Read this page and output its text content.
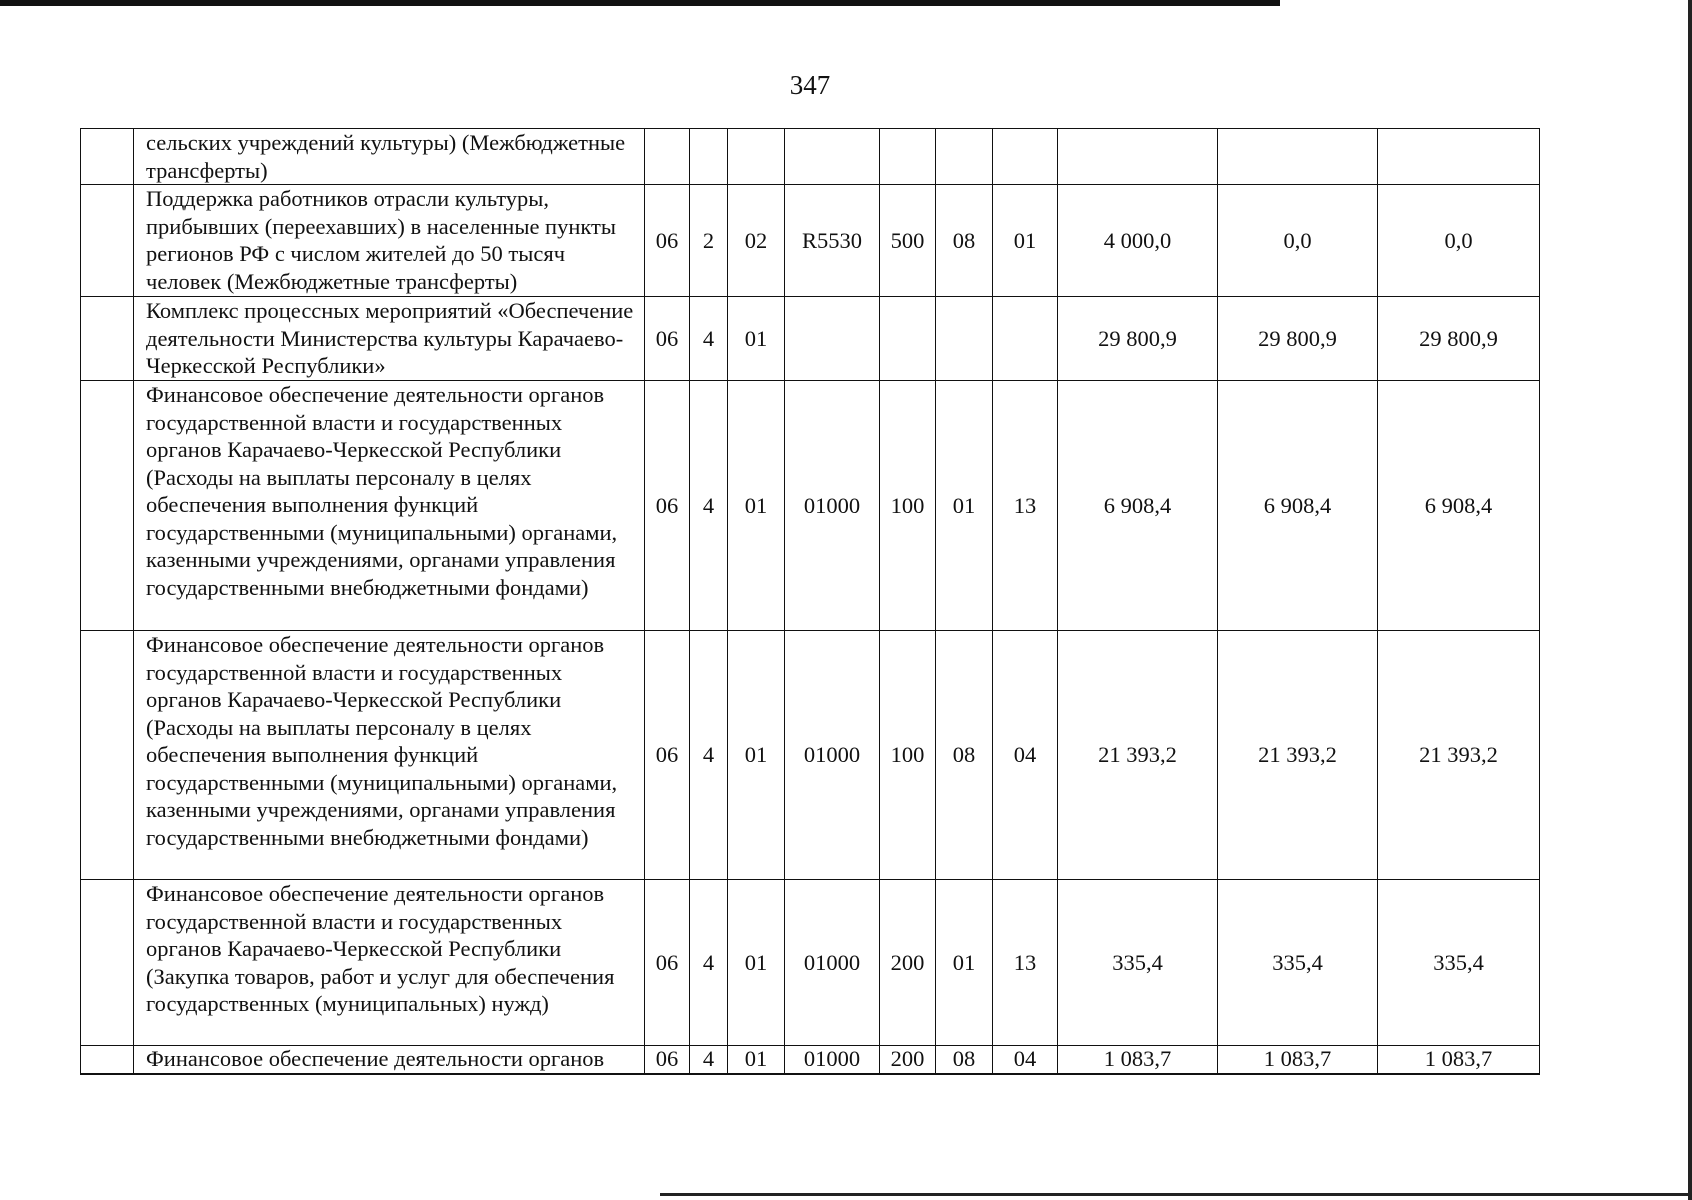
347
	сельских учреждений культуры) (Межбюджетные трансферты)										
	Поддержка работников отрасли культуры, прибывших (переехавших) в населенные пункты регионов РФ с числом жителей до 50 тысяч человек (Межбюджетные трансферты)	06	2	02	R5530	500	08	01	4 000,0	0,0	0,0
	Комплекс процессных мероприятий «Обеспечение деятельности Министерства культуры Карачаево-Черкесской Республики»	06	4	01					29 800,9	29 800,9	29 800,9
	Финансовое обеспечение деятельности органов государственной власти и государственных органов Карачаево-Черкесской Республики (Расходы на выплаты персоналу в целях обеспечения выполнения функций государственными (муниципальными) органами, казенными учреждениями, органами управления государственными внебюджетными фондами)	06	4	01	01000	100	01	13	6 908,4	6 908,4	6 908,4
	Финансовое обеспечение деятельности органов государственной власти и государственных органов Карачаево-Черкесской Республики (Расходы на выплаты персоналу в целях обеспечения выполнения функций государственными (муниципальными) органами, казенными учреждениями, органами управления государственными внебюджетными фондами)	06	4	01	01000	100	08	04	21 393,2	21 393,2	21 393,2
	Финансовое обеспечение деятельности органов государственной власти и государственных органов Карачаево-Черкесской Республики (Закупка товаров, работ и услуг для обеспечения государственных (муниципальных) нужд)	06	4	01	01000	200	01	13	335,4	335,4	335,4
	Финансовое обеспечение деятельности органов	06	4	01	01000	200	08	04	1 083,7	1 083,7	1 083,7
